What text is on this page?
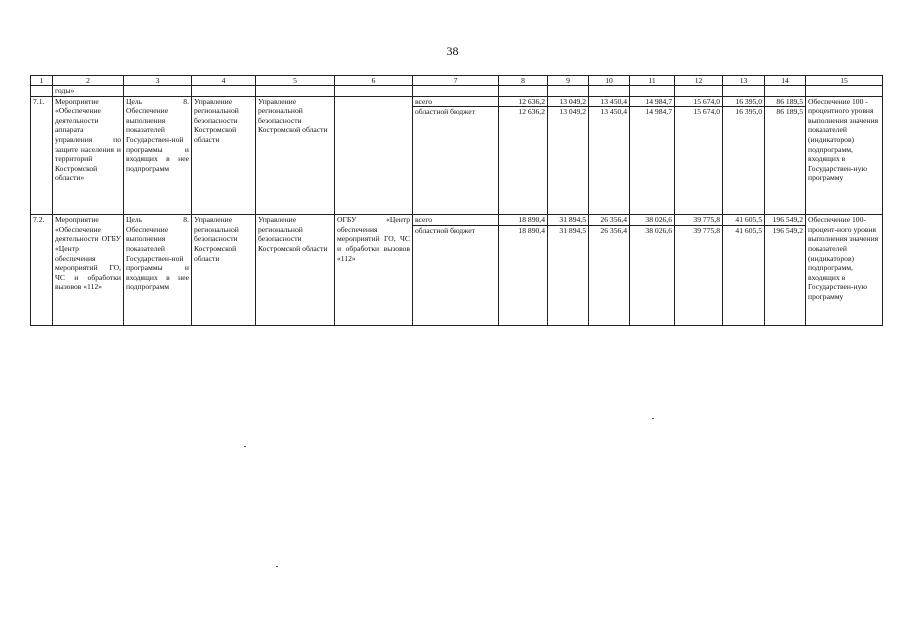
38
1	2	3	4	5	6	7	8	9	10	11	12	13	14	15
	годы»													
7.1.	Мероприятие «Обеспечение деятельности аппарата управления по защите населения и территорий Костромской области»	Цель 8. Обеспечение выполнения показателей Государствен-ной программы и входящих в нее подпрограмм	Управление региональной безопасности Костромской области	Управление региональной безопасности Костромской области		всего	12 636,2	13 049,2	13 450,4	14 984,7	15 674,0	16 395,0	86 189,5	Обеспечение 100 - процентного уровня выполнения значения показателей (индикаторов) подпрограмм, входящих в Государствен-ную программу
						областной бюджет	12 636,2	13 049,2	13 450,4	14 984,7	15 674,0	16 395,0	86 189,5	
7.2.	Мероприятие «Обеспечение деятельности ОГБУ «Центр обеспечения мероприятий ГО, ЧС и обработки вызовов «112»	Цель 8. Обеспечение выполнения показателей Государствен-ной программы и входящих в нее подпрограмм	Управление региональной безопасности Костромской области	Управление региональной безопасности Костромской области	ОГБУ «Центр обеспечения мероприятий ГО, ЧС и обработки вызовов «112»	всего	18 890,4	31 894,5	26 356,4	38 026,6	39 775,8	41 605,5	196 549,2	Обеспечение 100-процент-ного уровня выполнения значения показателей (индикаторов) подпрограмм, входящих в Государствен-ную программу
						областной бюджет	18 890,4	31 894,5	26 356,4	38 026,6	39 775,8	41 605,5	196 549,2	
